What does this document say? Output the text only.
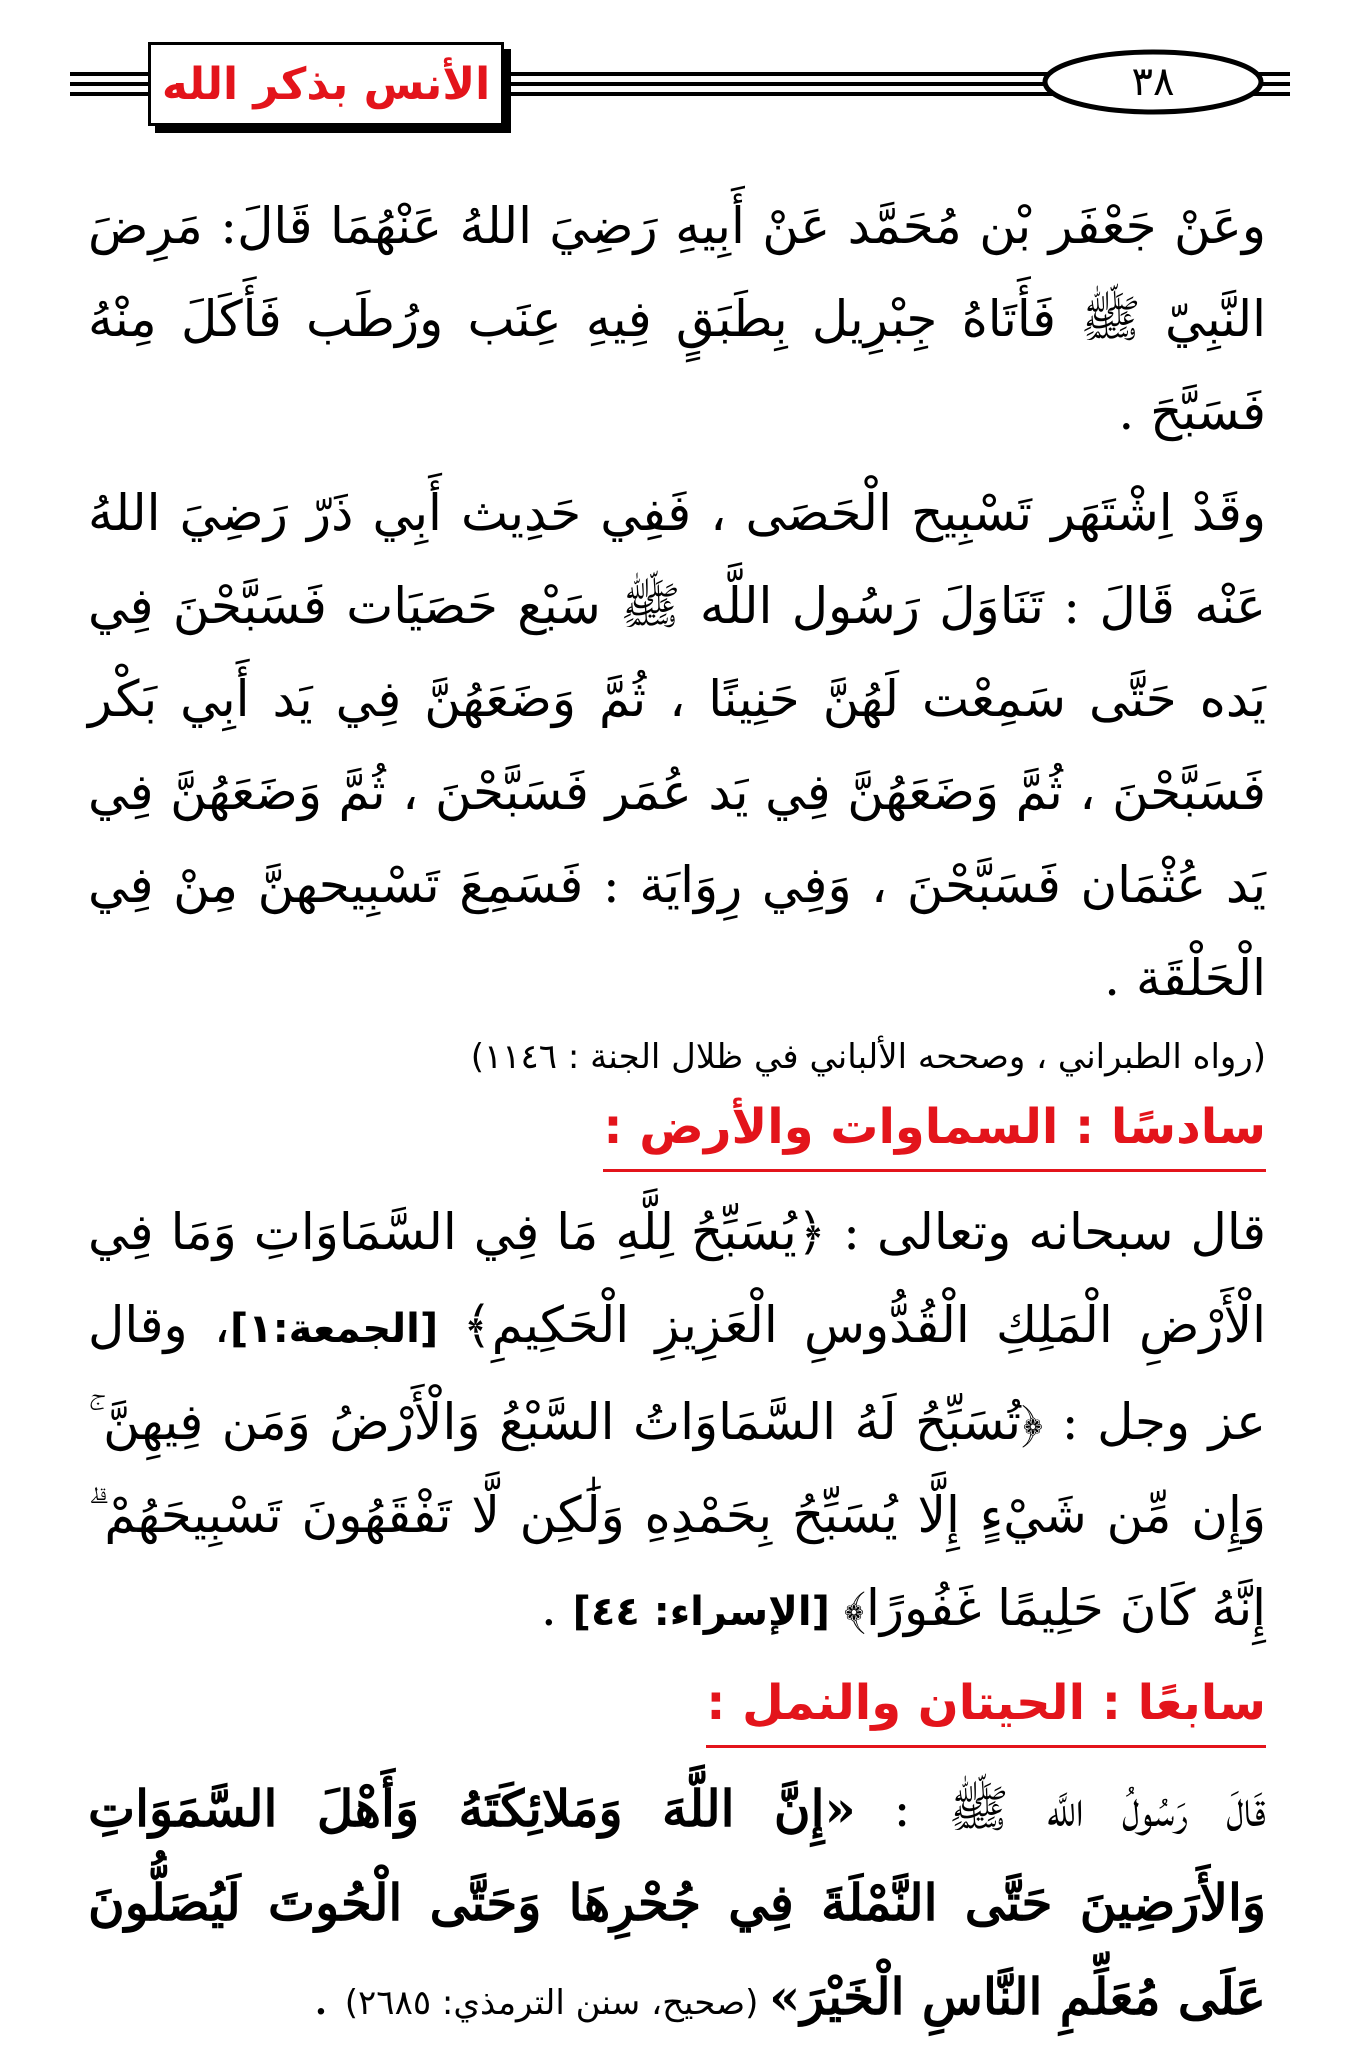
الأنس بذكر الله	٣٨

وعَنْ جَعْفَر بْن مُحَمَّد عَنْ أَبِيهِ رَضِيَ اللهُ عَنْهُمَا قَالَ: مَرِضَ النَّبِيّ ﷺ فَأَتَاهُ جِبْرِيل بِطَبَقٍ فِيهِ عِنَب ورُطَب فَأَكَلَ مِنْهُ فَسَبَّحَ .

وقَدْ اِشْتَهَر تَسْبِيح الْحَصَى ، فَفِي حَدِيث أَبِي ذَرّ رَضِيَ اللهُ عَنْه قَالَ : تَنَاوَلَ رَسُول اللَّه ﷺ سَبْع حَصَيَات فَسَبَّحْنَ فِي يَده حَتَّى سَمِعْت لَهُنَّ حَنِينًا ، ثُمَّ وَضَعَهُنَّ فِي يَد أَبِي بَكْر فَسَبَّحْنَ ، ثُمَّ وَضَعَهُنَّ فِي يَد عُمَر فَسَبَّحْنَ ، ثُمَّ وَضَعَهُنَّ فِي يَد عُثْمَان فَسَبَّحْنَ ، وَفِي رِوَايَة : فَسَمِعَ تَسْبِيحهنَّ مِنْ فِي الْحَلْقَة .

(رواه الطبراني ، وصححه الألباني في ظلال الجنة : ١١٤٦)

سادسًا : السماوات والأرض :

قال سبحانه وتعالى : ﴿يُسَبِّحُ لِلَّهِ مَا فِي السَّمَاوَاتِ وَمَا فِي الْأَرْضِ الْمَلِكِ الْقُدُّوسِ الْعَزِيزِ الْحَكِيمِ﴾ [الجمعة:١]، وقال عز وجل : ﴿تُسَبِّحُ لَهُ السَّمَاوَاتُ السَّبْعُ وَالْأَرْضُ وَمَن فِيهِنَّ ۚ وَإِن مِّن شَيْءٍ إِلَّا يُسَبِّحُ بِحَمْدِهِ وَلَٰكِن لَّا تَفْقَهُونَ تَسْبِيحَهُمْ ۗ إِنَّهُ كَانَ حَلِيمًا غَفُورًا﴾ [الإسراء: ٤٤] .

سابعًا : الحيتان والنمل :

قَالَ رَسُولُ اللَّه ﷺ : «إِنَّ اللَّهَ وَمَلائِكَتَهُ وَأَهْلَ السَّمَوَاتِ وَالأَرَضِينَ حَتَّى النَّمْلَةَ فِي جُحْرِهَا وَحَتَّى الْحُوتَ لَيُصَلُّونَ عَلَى مُعَلِّمِ النَّاسِ الْخَيْرَ» (صحيح، سنن الترمذي: ٢٦٨٥) .
